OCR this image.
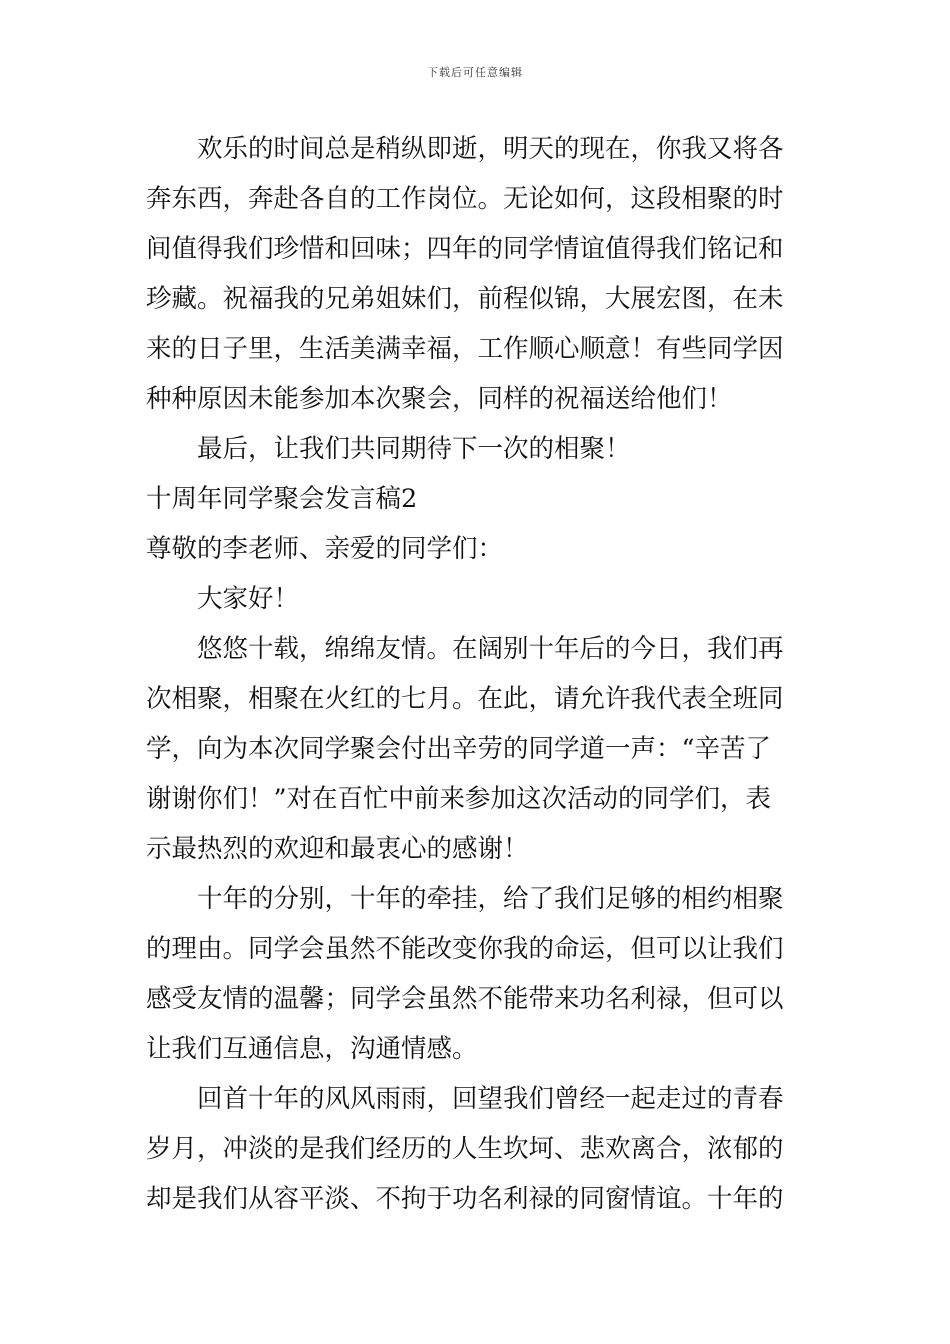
下载后可任意编辑
欢乐的时间总是稍纵即逝，明天的现在，你我又将各
奔东西，奔赴各自的工作岗位。无论如何，这段相聚的时
间值得我们珍惜和回味；四年的同学情谊值得我们铭记和
珍藏。祝福我的兄弟姐妹们，前程似锦，大展宏图，在未
来的日子里，生活美满幸福，工作顺心顺意！有些同学因
种种原因未能参加本次聚会，同样的祝福送给他们！
最后，让我们共同期待下一次的相聚！
十周年同学聚会发言稿2
尊敬的李老师、亲爱的同学们：
大家好！
悠悠十载，绵绵友情。在阔别十年后的今日，我们再
次相聚，相聚在火红的七月。在此，请允许我代表全班同
学，向为本次同学聚会付出辛劳的同学道一声：“辛苦了
谢谢你们！”对在百忙中前来参加这次活动的同学们，表
示最热烈的欢迎和最衷心的感谢！
十年的分别，十年的牵挂，给了我们足够的相约相聚
的理由。同学会虽然不能改变你我的命运，但可以让我们
感受友情的温馨；同学会虽然不能带来功名利禄，但可以
让我们互通信息，沟通情感。
回首十年的风风雨雨，回望我们曾经一起走过的青春
岁月，冲淡的是我们经历的人生坎坷、悲欢离合，浓郁的
却是我们从容平淡、不拘于功名利禄的同窗情谊。十年的
